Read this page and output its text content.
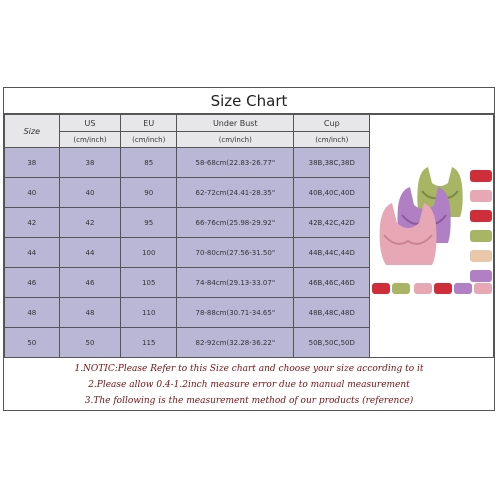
Size Chart
Size	US	EU	Under Bust	Cup	
	(cm/inch)	(cm/inch)	(cm/inch)	(cm/inch)	
38	38	85	58-68cm(22.83-26.77"	38B,38C,38D	
40	40	90	62-72cm(24.41-28.35"	40B,40C,40D	
42	42	95	66-76cm(25.98-29.92"	42B,42C,42D	
44	44	100	70-80cm(27.56-31.50"	44B,44C,44D	
46	46	105	74-84cm(29.13-33.07"	46B,46C,46D	
48	48	110	78-88cm(30.71-34.65"	48B,48C,48D	
50	50	115	82-92cm(32.28-36.22"	50B,50C,50D	
1.NOTIC:Please Refer to this Size chart and choose your size according to it
2.Please allow 0.4-1.2inch measure error due to manual measurement
3.The following is the measurement method of our products (reference)
